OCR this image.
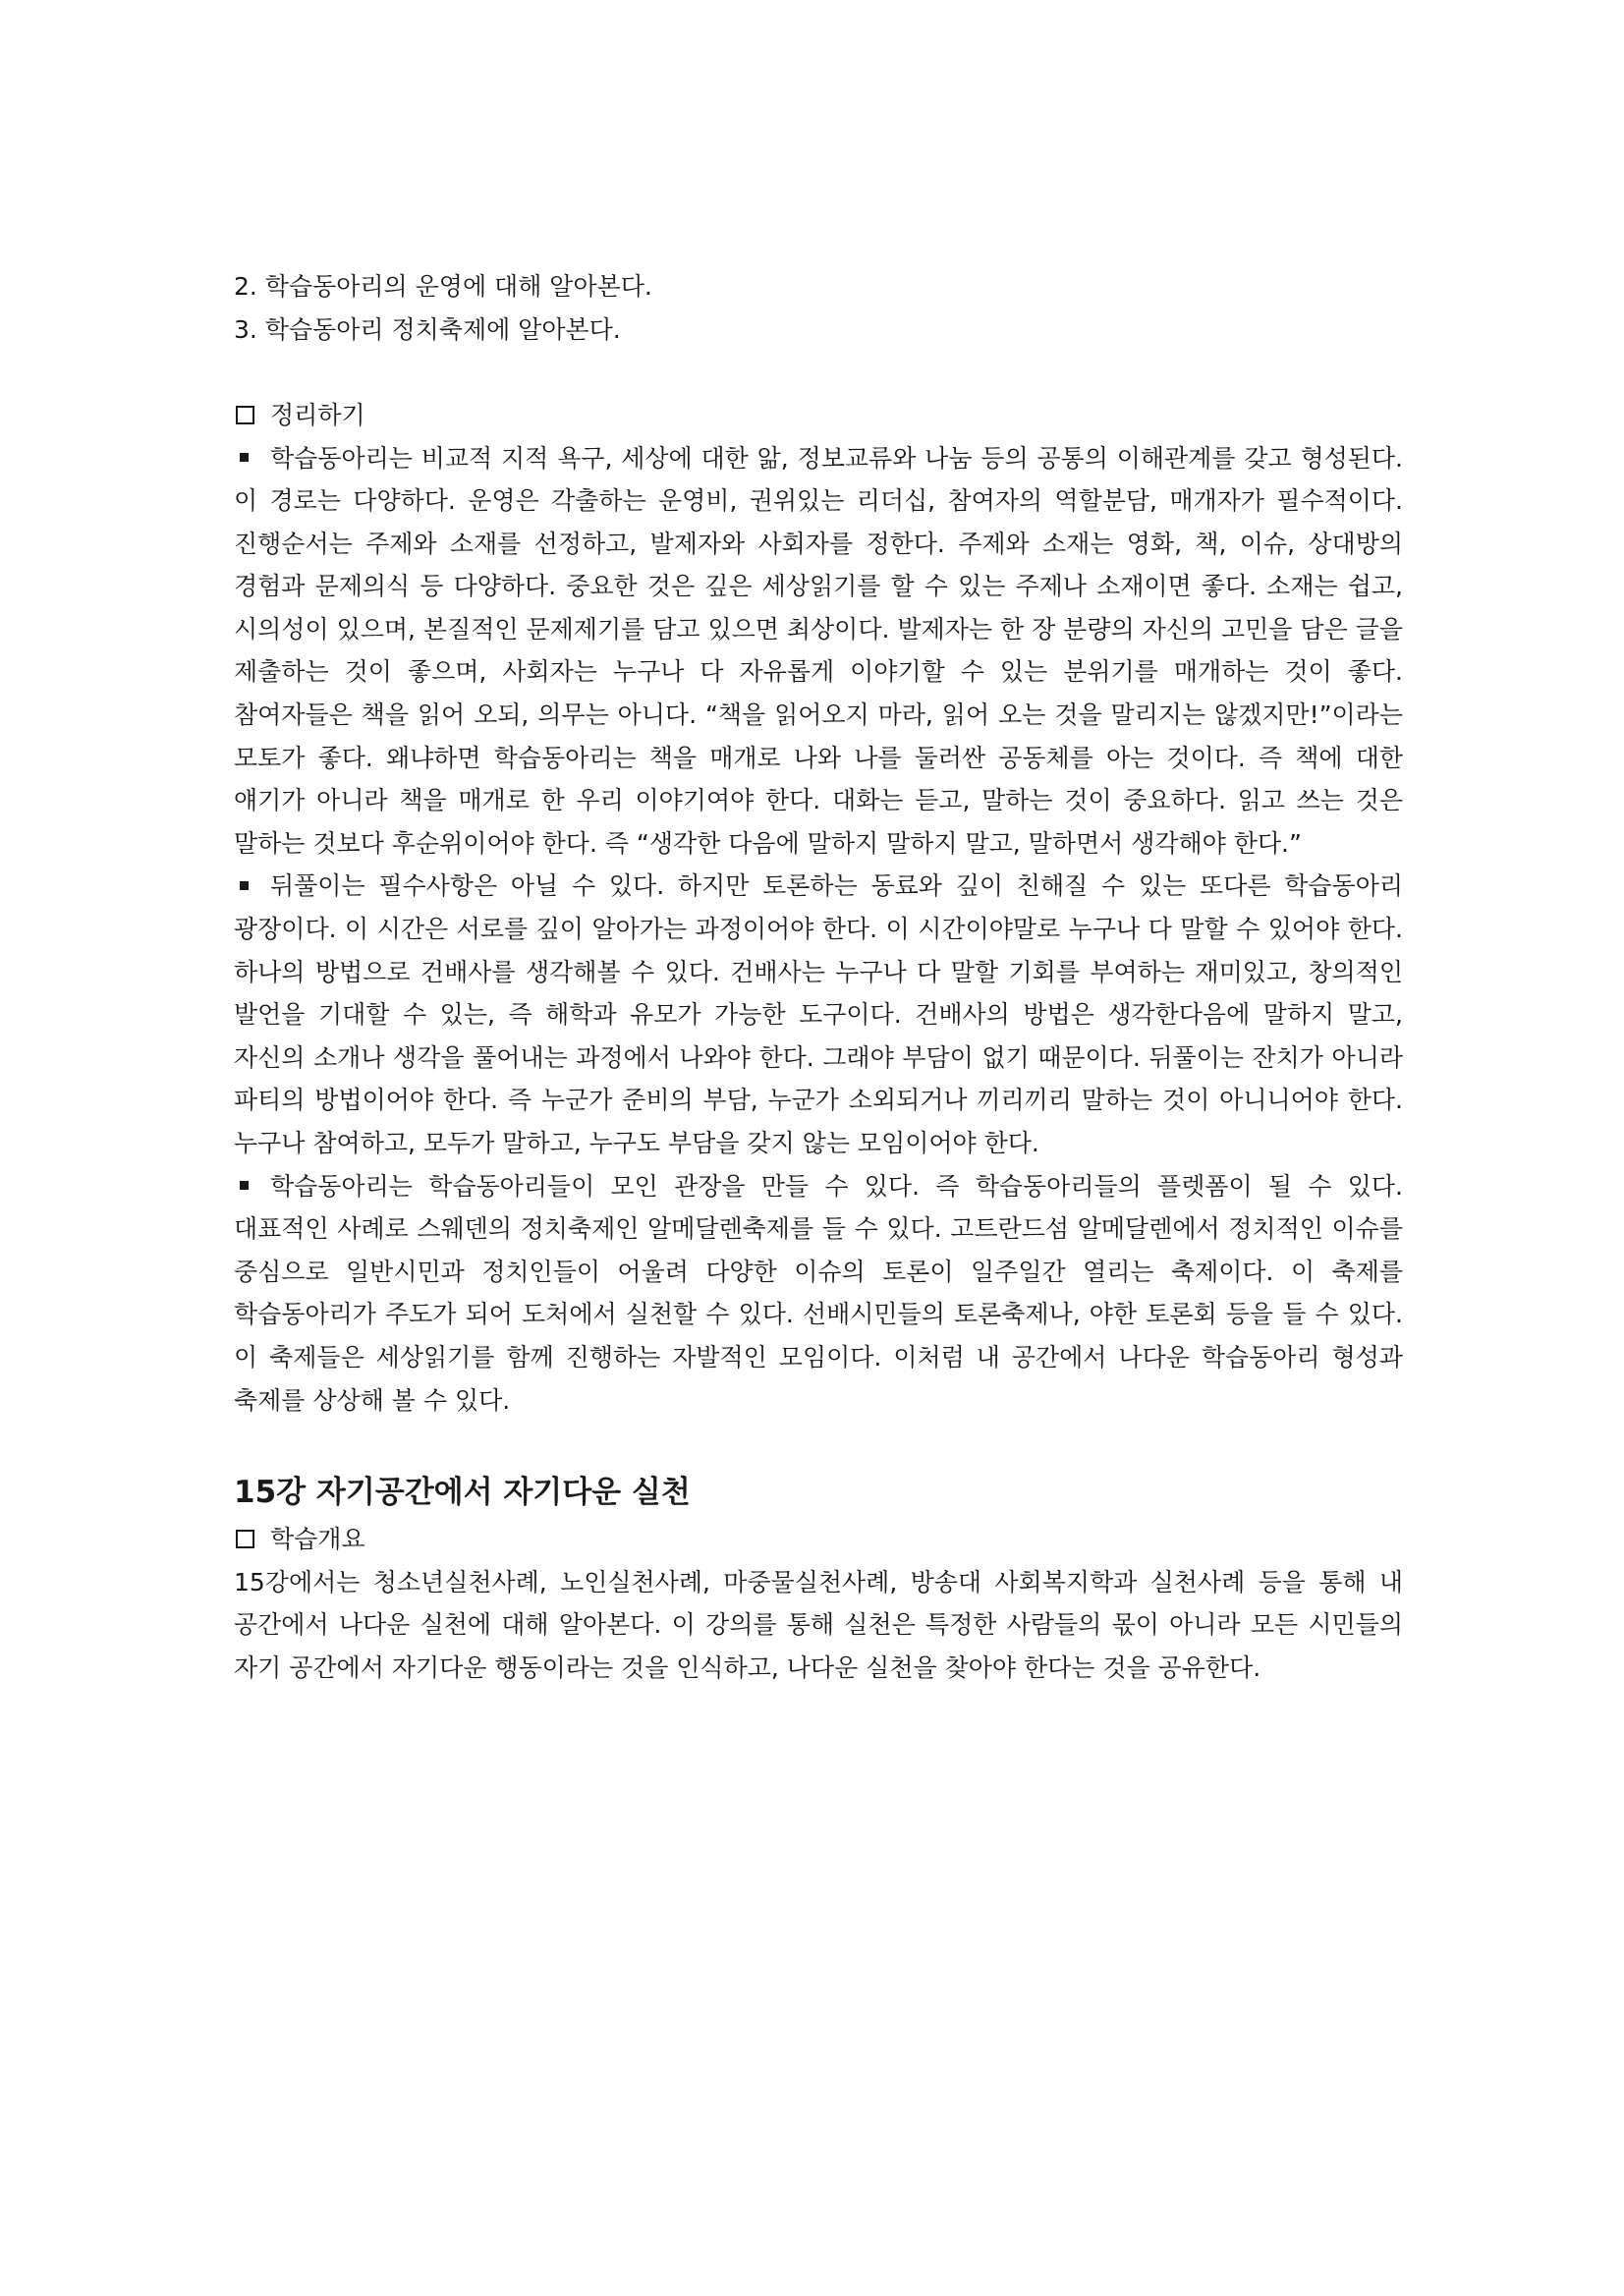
2. 학습동아리의 운영에 대해 알아본다.
3. 학습동아리 정치축제에 알아본다.
정리하기
학습동아리는 비교적 지적 욕구, 세상에 대한 앎, 정보교류와 나눔 등의 공통의 이해관계를 갖고 형성된다. 이 경로는 다양하다. 운영은 각출하는 운영비, 권위있는 리더십, 참여자의 역할분담, 매개자가 필수적이다. 진행순서는 주제와 소재를 선정하고, 발제자와 사회자를 정한다. 주제와 소재는 영화, 책, 이슈, 상대방의 경험과 문제의식 등 다양하다. 중요한 것은 깊은 세상읽기를 할 수 있는 주제나 소재이면 좋다. 소재는 쉽고, 시의성이 있으며, 본질적인 문제제기를 담고 있으면 최상이다. 발제자는 한 장 분량의 자신의 고민을 담은 글을 제출하는 것이 좋으며, 사회자는 누구나 다 자유롭게 이야기할 수 있는 분위기를 매개하는 것이 좋다. 참여자들은 책을 읽어 오되, 의무는 아니다. “책을 읽어오지 마라, 읽어 오는 것을 말리지는 않겠지만!”이라는 모토가 좋다. 왜냐하면 학습동아리는 책을 매개로 나와 나를 둘러싼 공동체를 아는 것이다. 즉 책에 대한 얘기가 아니라 책을 매개로 한 우리 이야기여야 한다. 대화는 듣고, 말하는 것이 중요하다. 읽고 쓰는 것은 말하는 것보다 후순위이어야 한다. 즉 “생각한 다음에 말하지 말하지 말고, 말하면서 생각해야 한다.”
뒤풀이는 필수사항은 아닐 수 있다. 하지만 토론하는 동료와 깊이 친해질 수 있는 또다른 학습동아리 광장이다. 이 시간은 서로를 깊이 알아가는 과정이어야 한다. 이 시간이야말로 누구나 다 말할 수 있어야 한다. 하나의 방법으로 건배사를 생각해볼 수 있다. 건배사는 누구나 다 말할 기회를 부여하는 재미있고, 창의적인 발언을 기대할 수 있는, 즉 해학과 유모가 가능한 도구이다. 건배사의 방법은 생각한다음에 말하지 말고, 자신의 소개나 생각을 풀어내는 과정에서 나와야 한다. 그래야 부담이 없기 때문이다. 뒤풀이는 잔치가 아니라 파티의 방법이어야 한다. 즉 누군가 준비의 부담, 누군가 소외되거나 끼리끼리 말하는 것이 아니니어야 한다. 누구나 참여하고, 모두가 말하고, 누구도 부담을 갖지 않는 모임이어야 한다.
학습동아리는 학습동아리들이 모인 관장을 만들 수 있다. 즉 학습동아리들의 플렛폼이 될 수 있다. 대표적인 사례로 스웨덴의 정치축제인 알메달렌축제를 들 수 있다. 고트란드섬 알메달렌에서 정치적인 이슈를 중심으로 일반시민과 정치인들이 어울려 다양한 이슈의 토론이 일주일간 열리는 축제이다. 이 축제를 학습동아리가 주도가 되어 도처에서 실천할 수 있다. 선배시민들의 토론축제나, 야한 토론회 등을 들 수 있다. 이 축제들은 세상읽기를 함께 진행하는 자발적인 모임이다. 이처럼 내 공간에서 나다운 학습동아리 형성과 축제를 상상해 볼 수 있다.
15강 자기공간에서 자기다운 실천
학습개요
15강에서는 청소년실천사례, 노인실천사례, 마중물실천사례, 방송대 사회복지학과 실천사례 등을 통해 내 공간에서 나다운 실천에 대해 알아본다. 이 강의를 통해 실천은 특정한 사람들의 몫이 아니라 모든 시민들의 자기 공간에서 자기다운 행동이라는 것을 인식하고, 나다운 실천을 찾아야 한다는 것을 공유한다.
